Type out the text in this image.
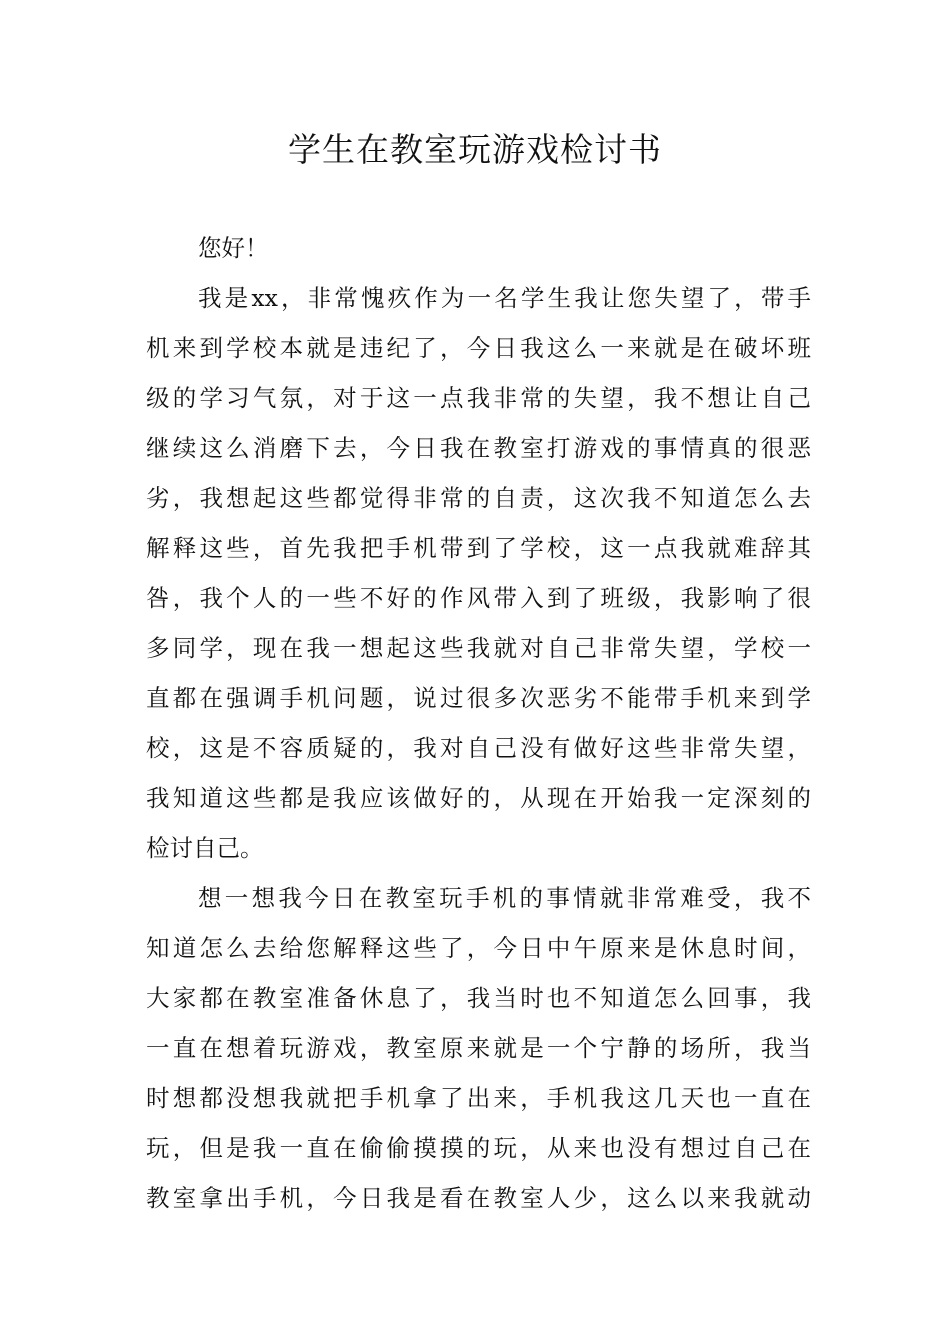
学生在教室玩游戏检讨书

您好！

我是xx，非常愧疚作为一名学生我让您失望了，带手

机来到学校本就是违纪了，今日我这么一来就是在破坏班

级的学习气氛，对于这一点我非常的失望，我不想让自己

继续这么消磨下去，今日我在教室打游戏的事情真的很恶

劣，我想起这些都觉得非常的自责，这次我不知道怎么去

解释这些，首先我把手机带到了学校，这一点我就难辞其

咎，我个人的一些不好的作风带入到了班级，我影响了很

多同学，现在我一想起这些我就对自己非常失望，学校一

直都在强调手机问题，说过很多次恶劣不能带手机来到学

校，这是不容质疑的，我对自己没有做好这些非常失望，

我知道这些都是我应该做好的，从现在开始我一定深刻的

检讨自己。

想一想我今日在教室玩手机的事情就非常难受，我不

知道怎么去给您解释这些了，今日中午原来是休息时间，

大家都在教室准备休息了，我当时也不知道怎么回事，我

一直在想着玩游戏，教室原来就是一个宁静的场所，我当

时想都没想我就把手机拿了出来，手机我这几天也一直在

玩，但是我一直在偷偷摸摸的玩，从来也没有想过自己在

教室拿出手机，今日我是看在教室人少，这么以来我就动
